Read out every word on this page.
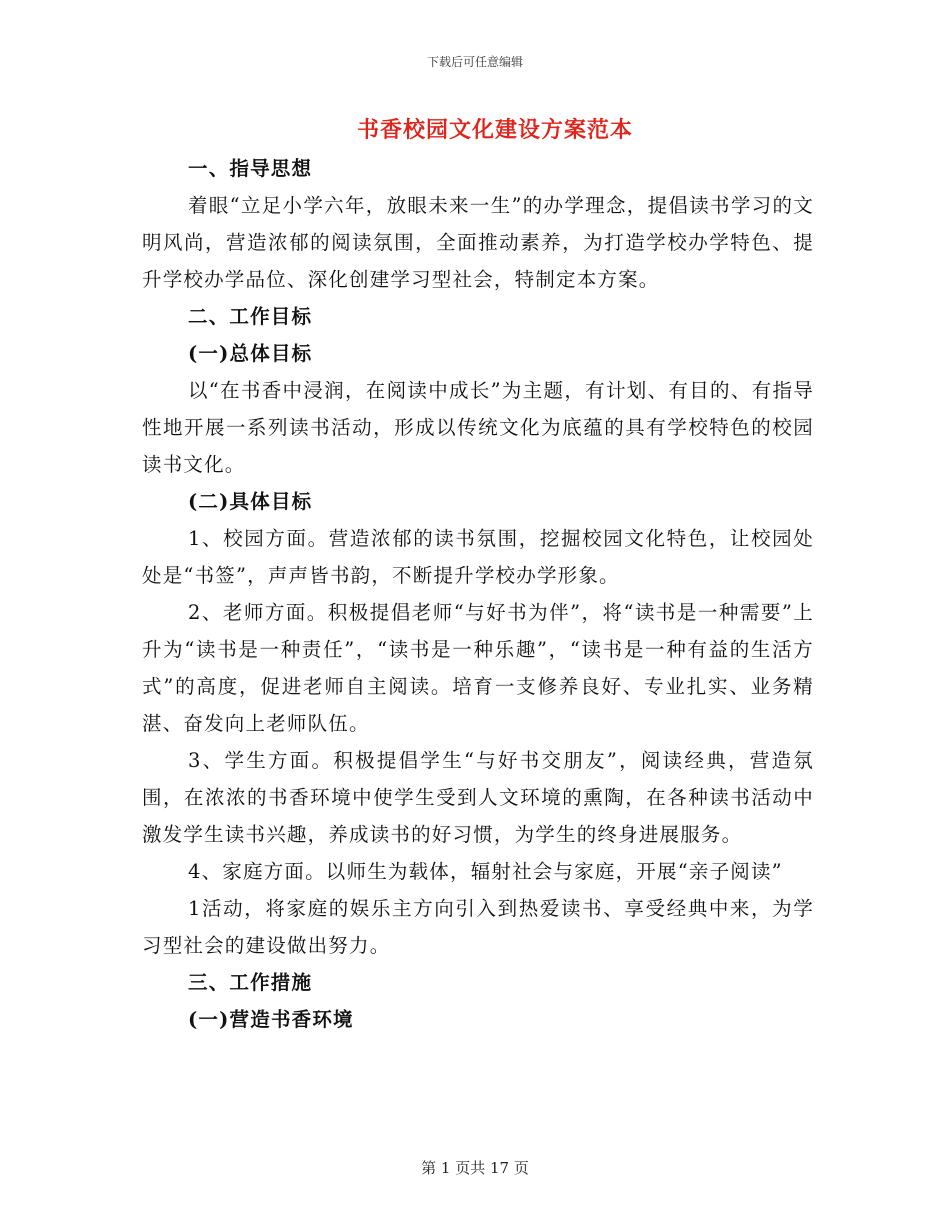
下载后可任意编辑
书香校园文化建设方案范本

一、指导思想

着眼“立足小学六年，放眼未来一生”的办学理念，提倡读书学习的文明风尚，营造浓郁的阅读氛围，全面推动素养，为打造学校办学特色、提升学校办学品位、深化创建学习型社会，特制定本方案。

二、工作目标

(一)总体目标

以“在书香中浸润，在阅读中成长”为主题，有计划、有目的、有指导性地开展一系列读书活动，形成以传统文化为底蕴的具有学校特色的校园读书文化。

(二)具体目标

1、校园方面。营造浓郁的读书氛围，挖掘校园文化特色，让校园处处是“书签”，声声皆书韵，不断提升学校办学形象。

2、老师方面。积极提倡老师“与好书为伴”，将“读书是一种需要”上升为“读书是一种责任”，“读书是一种乐趣”，“读书是一种有益的生活方式”的高度，促进老师自主阅读。培育一支修养良好、专业扎实、业务精湛、奋发向上老师队伍。

3、学生方面。积极提倡学生“与好书交朋友”，阅读经典，营造氛围，在浓浓的书香环境中使学生受到人文环境的熏陶，在各种读书活动中激发学生读书兴趣，养成读书的好习惯，为学生的终身进展服务。

4、家庭方面。以师生为载体，辐射社会与家庭，开展“亲子阅读”

1活动，将家庭的娱乐主方向引入到热爱读书、享受经典中来，为学习型社会的建设做出努力。

三、工作措施

(一)营造书香环境

第 1 页共 17 页
